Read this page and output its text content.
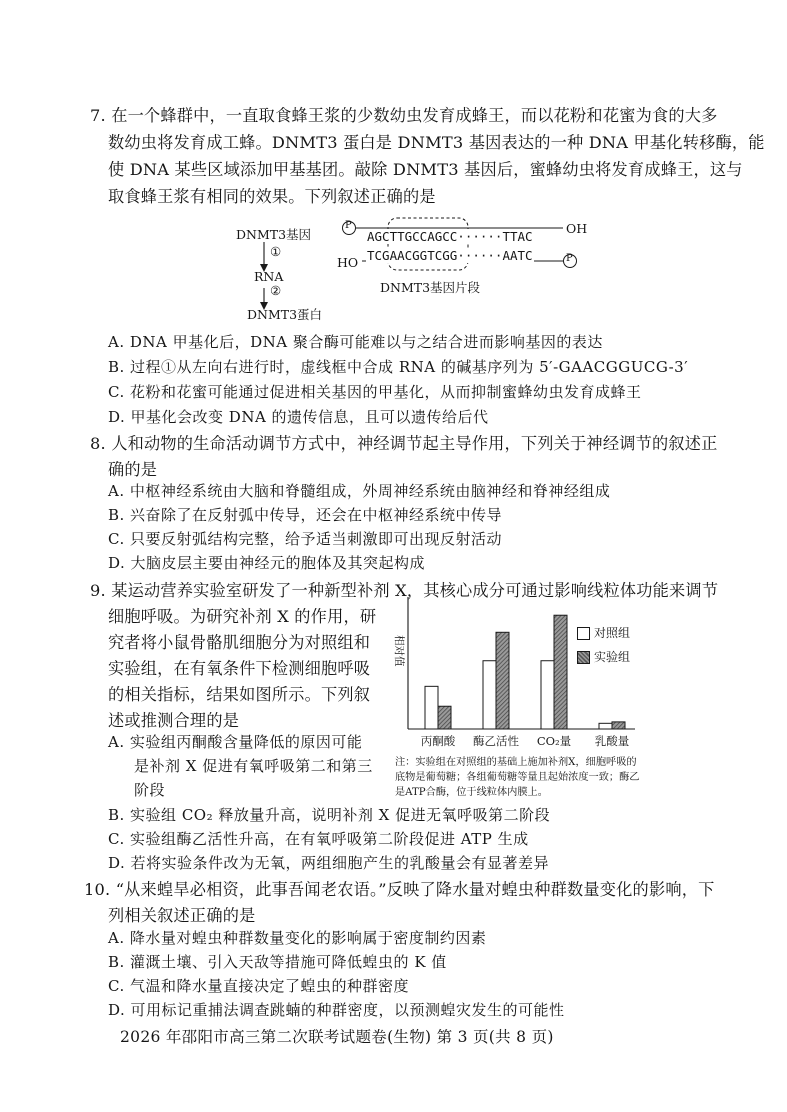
7. 在一个蜂群中，一直取食蜂王浆的少数幼虫发育成蜂王，而以花粉和花蜜为食的大多
数幼虫将发育成工蜂。DNMT3 蛋白是 DNMT3 基因表达的一种 DNA 甲基化转移酶，能
使 DNA 某些区域添加甲基基团。敲除 DNMT3 基因后，蜜蜂幼虫将发育成蜂王，这与
取食蜂王浆有相同的效果。下列叙述正确的是
DNMT3基因
①
RNA
②
DNMT3蛋白
P
P
AGCTTGCCAGCC······TTAC
OH
HO TCGAACGGTCGG······AATC
DNMT3基因片段
A. DNA 甲基化后，DNA 聚合酶可能难以与之结合进而影响基因的表达
B. 过程①从左向右进行时，虚线框中合成 RNA 的碱基序列为 5′-GAACGGUCG-3′
C. 花粉和花蜜可能通过促进相关基因的甲基化，从而抑制蜜蜂幼虫发育成蜂王
D. 甲基化会改变 DNA 的遗传信息，且可以遗传给后代
8. 人和动物的生命活动调节方式中，神经调节起主导作用，下列关于神经调节的叙述正
确的是
A. 中枢神经系统由大脑和脊髓组成，外周神经系统由脑神经和脊神经组成
B. 兴奋除了在反射弧中传导，还会在中枢神经系统中传导
C. 只要反射弧结构完整，给予适当刺激即可出现反射活动
D. 大脑皮层主要由神经元的胞体及其突起构成
9. 某运动营养实验室研发了一种新型补剂 X，其核心成分可通过影响线粒体功能来调节
细胞呼吸。为研究补剂 X 的作用，研
究者将小鼠骨骼肌细胞分为对照组和
实验组，在有氧条件下检测细胞呼吸
的相关指标，结果如图所示。下列叙
述或推测合理的是
A. 实验组丙酮酸含量降低的原因可能
是补剂 X 促进有氧呼吸第二和第三
阶段
相对值
丙酮酸 酶乙活性 CO₂量 乳酸量
对照组
实验组
注：实验组在对照组的基础上施加补剂X，细胞呼吸的底物是葡萄糖；各组葡萄糖等量且起始浓度一致；酶乙是ATP合酶，位于线粒体内膜上。
B. 实验组 CO₂ 释放量升高，说明补剂 X 促进无氧呼吸第二阶段
C. 实验组酶乙活性升高，在有氧呼吸第二阶段促进 ATP 生成
D. 若将实验条件改为无氧，两组细胞产生的乳酸量会有显著差异
10. “从来蝗旱必相资，此事吾闻老农语。”反映了降水量对蝗虫种群数量变化的影响，下
列相关叙述正确的是
A. 降水量对蝗虫种群数量变化的影响属于密度制约因素
B. 灌溉土壤、引入天敌等措施可降低蝗虫的 K 值
C. 气温和降水量直接决定了蝗虫的种群密度
D. 可用标记重捕法调查跳蝻的种群密度，以预测蝗灾发生的可能性
2026 年邵阳市高三第二次联考试题卷(生物) 第 3 页(共 8 页)
